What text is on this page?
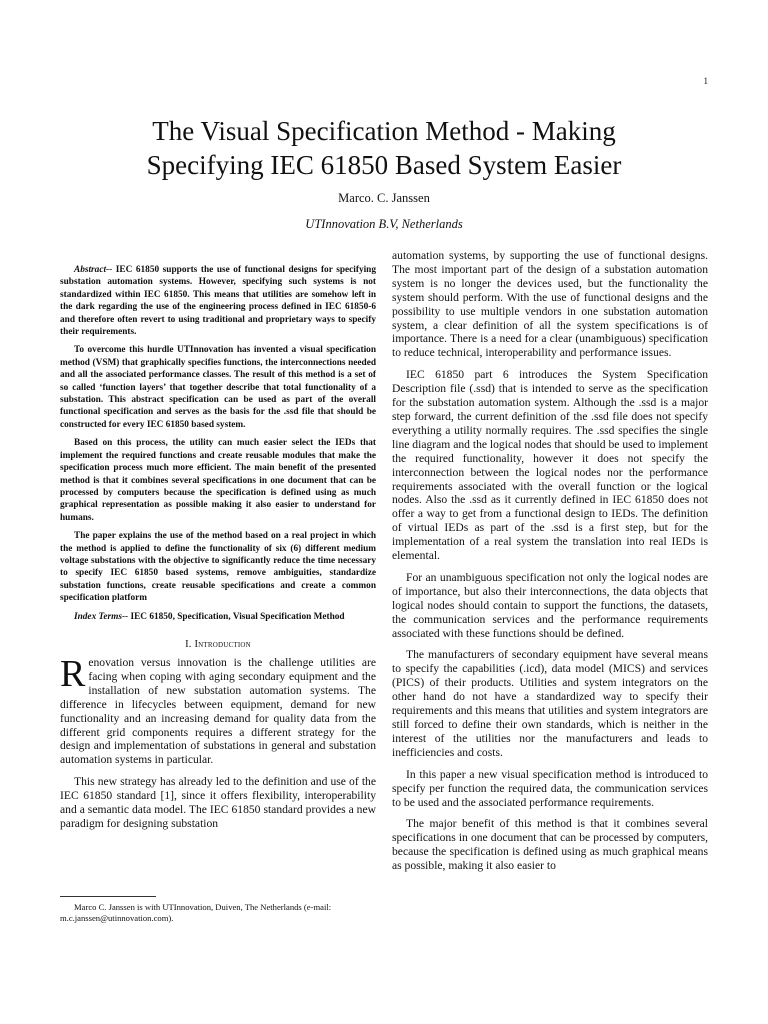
1
The Visual Specification Method - Making
Specifying IEC 61850 Based System Easier
Marco. C. Janssen
UTInnovation B.V, Netherlands

Abstract-- IEC 61850 supports the use of functional designs for specifying substation automation systems. However, specifying such systems is not standardized within IEC 61850. This means that utilities are somehow left in the dark regarding the use of the engineering process defined in IEC 61850-6 and therefore often revert to using traditional and proprietary ways to specify their requirements.

To overcome this hurdle UTInnovation has invented a visual specification method (VSM) that graphically specifies functions, the interconnections needed and all the associated performance classes. The result of this method is a set of so called ‘function layers’ that together describe that total functionality of a substation. This abstract specification can be used as part of the overall functional specification and serves as the basis for the .ssd file that should be constructed for every IEC 61850 based system.

Based on this process, the utility can much easier select the IEDs that implement the required functions and create reusable modules that make the specification process much more efficient. The main benefit of the presented method is that it combines several specifications in one document that can be processed by computers because the specification is defined using as much graphical representation as possible making it also easier to understand for humans.

The paper explains the use of the method based on a real project in which the method is applied to define the functionality of six (6) different medium voltage substations with the objective to significantly reduce the time necessary to specify IEC 61850 based systems, remove ambiguities, standardize substation functions, create reusable specifications and create a common specification platform

Index Terms-- IEC 61850, Specification, Visual Specification Method

I. Introduction

Renovation versus innovation is the challenge utilities are facing when coping with aging secondary equipment and the installation of new substation automation systems. The difference in lifecycles between equipment, demand for new functionality and an increasing demand for quality data from the different grid components requires a different strategy for the design and implementation of substations in general and substation automation systems in particular.

This new strategy has already led to the definition and use of the IEC 61850 standard [1], since it offers flexibility, interoperability and a semantic data model. The IEC 61850 standard provides a new paradigm for designing substation

Marco C. Janssen is with UTInnovation, Duiven, The Netherlands (e-mail: m.c.janssen@utinnovation.com).

automation systems, by supporting the use of functional designs. The most important part of the design of a substation automation system is no longer the devices used, but the functionality the system should perform. With the use of functional designs and the possibility to use multiple vendors in one substation automation system, a clear definition of all the system specifications is of importance. There is a need for a clear (unambiguous) specification to reduce technical, interoperability and performance issues.

IEC 61850 part 6 introduces the System Specification Description file (.ssd) that is intended to serve as the specification for the substation automation system. Although the .ssd is a major step forward, the current definition of the .ssd file does not specify everything a utility normally requires. The .ssd specifies the single line diagram and the logical nodes that should be used to implement the required functionality, however it does not specify the interconnection between the logical nodes nor the performance requirements associated with the overall function or the logical nodes. Also the .ssd as it currently defined in IEC 61850 does not offer a way to get from a functional design to IEDs. The definition of virtual IEDs as part of the .ssd is a first step, but for the implementation of a real system the translation into real IEDs is elemental.

For an unambiguous specification not only the logical nodes are of importance, but also their interconnections, the data objects that logical nodes should contain to support the functions, the datasets, the communication services and the performance requirements associated with these functions should be defined.

The manufacturers of secondary equipment have several means to specify the capabilities (.icd), data model (MICS) and services (PICS) of their products. Utilities and system integrators on the other hand do not have a standardized way to specify their requirements and this means that utilities and system integrators are still forced to define their own standards, which is neither in the interest of the utilities nor the manufacturers and leads to inefficiencies and costs.

In this paper a new visual specification method is introduced to specify per function the required data, the communication services to be used and the associated performance requirements.

The major benefit of this method is that it combines several specifications in one document that can be processed by computers, because the specification is defined using as much graphical means as possible, making it also easier to
